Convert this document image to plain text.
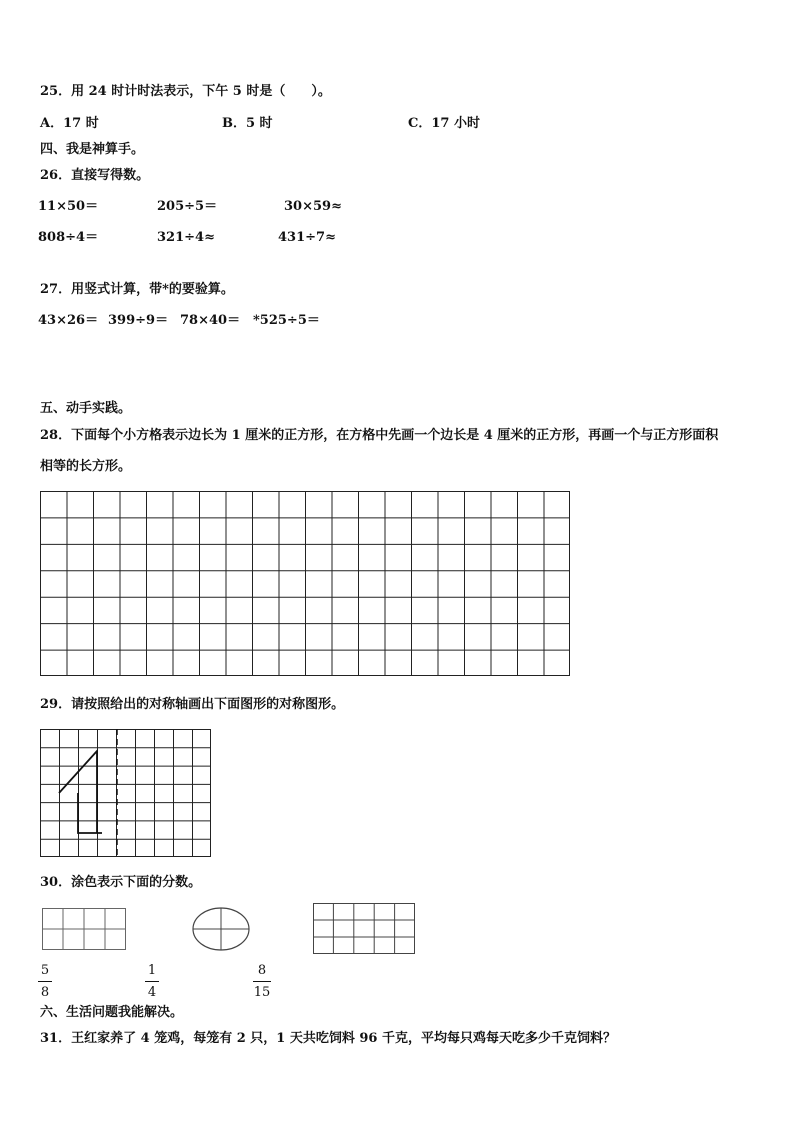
25．用 24 时计时法表示，下午 5 时是（　　）。
A．17 时	B．5 时	C．17 小时
四、我是神算手。
26．直接写得数。
11×50＝	205÷5＝	30×59≈
808÷4＝	321÷4≈	431÷7≈
27．用竖式计算，带*的要验算。
43×26＝ 399÷9＝ 78×40＝ *525÷5＝
五、动手实践。
28．下面每个小方格表示边长为 1 厘米的正方形，在方格中先画一个边长是 4 厘米的正方形，再画一个与正方形面积
相等的长方形。
29．请按照给出的对称轴画出下面图形的对称图形。
30．涂色表示下面的分数。
5
8
1
4
8
15
六、生活问题我能解决。
31．王红家养了 4 笼鸡，每笼有 2 只，1 天共吃饲料 96 千克，平均每只鸡每天吃多少千克饲料？
